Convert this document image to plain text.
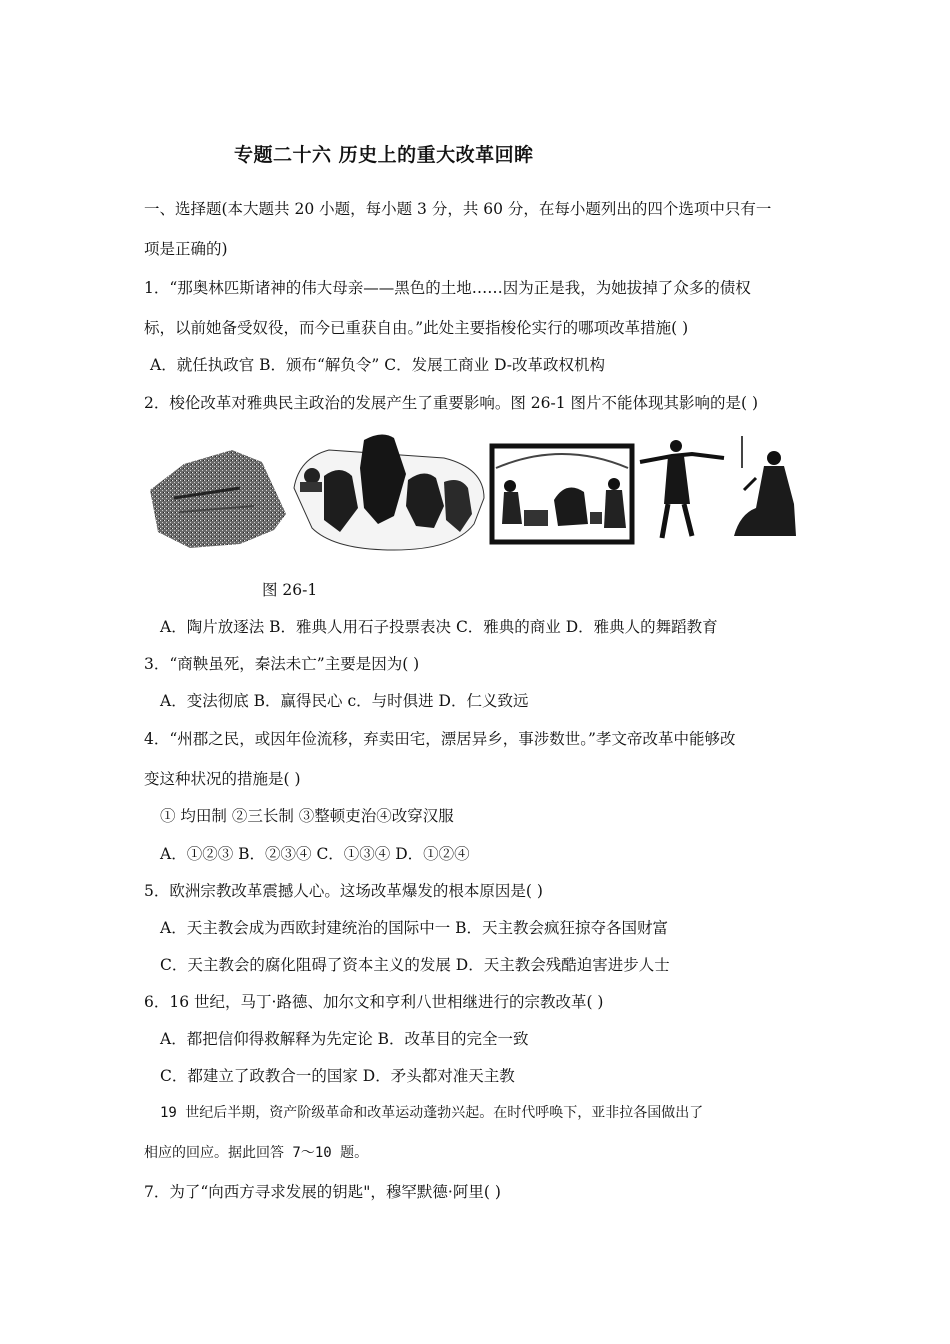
专题二十六 历史上的重大改革回眸
一、选择题(本大题共 20 小题，每小题 3 分，共 60 分，在每小题列出的四个选项中只有一
项是正确的)
1．“那奥林匹斯诸神的伟大母亲——黑色的土地……因为正是我，为她拔掉了众多的债权
标，以前她备受奴役，而今已重获自由。”此处主要指梭伦实行的哪项改革措施( )
A．就任执政官 B．颁布“解负令” C．发展工商业 D-改革政权机构
2．梭伦改革对雅典民主政治的发展产生了重要影响。图 26-1 图片不能体现其影响的是( )
图 26-1
A．陶片放逐法 B．雅典人用石子投票表决 C．雅典的商业 D．雅典人的舞蹈教育
3．“商鞅虽死，秦法未亡”主要是因为( )
A．变法彻底 B．赢得民心 c．与时俱进 D．仁义致远
4．“州郡之民，或因年俭流移，弃卖田宅，漂居异乡，事涉数世。”孝文帝改革中能够改
变这种状况的措施是( )
① 均田制 ②三长制 ③整顿吏治④改穿汉服
A．①②③ B．②③④ C．①③④ D．①②④
5．欧洲宗教改革震撼人心。这场改革爆发的根本原因是( )
A．天主教会成为西欧封建统治的国际中一 B．天主教会疯狂掠夺各国财富
C．天主教会的腐化阻碍了资本主义的发展 D．天主教会残酷迫害进步人士
6．16 世纪，马丁·路德、加尔文和亨利八世相继进行的宗教改革( )
A．都把信仰得救解释为先定论 B．改革目的完全一致
C．都建立了政教合一的国家 D．矛头都对准天主教
19 世纪后半期，资产阶级革命和改革运动蓬勃兴起。在时代呼唤下，亚非拉各国做出了
相应的回应。据此回答 7～10 题。
7．为了“向西方寻求发展的钥匙"，穆罕默德·阿里( )
